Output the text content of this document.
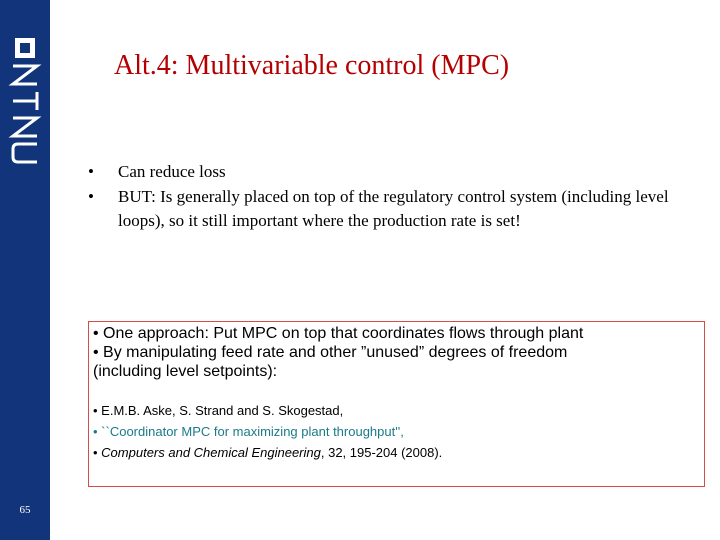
65
Alt.4: Multivariable control (MPC)
• Can reduce loss
• BUT: Is generally placed on top of the regulatory control system (including level loops), so it still important where the production rate is set!
• One approach: Put MPC on top that coordinates flows through plant
• By manipulating feed rate and other ”unused” degrees of freedom
(including level setpoints):
• E.M.B. Aske, S. Strand and S. Skogestad,
• ``Coordinator MPC for maximizing plant throughput'',
• Computers and Chemical Engineering, 32, 195-204 (2008).
